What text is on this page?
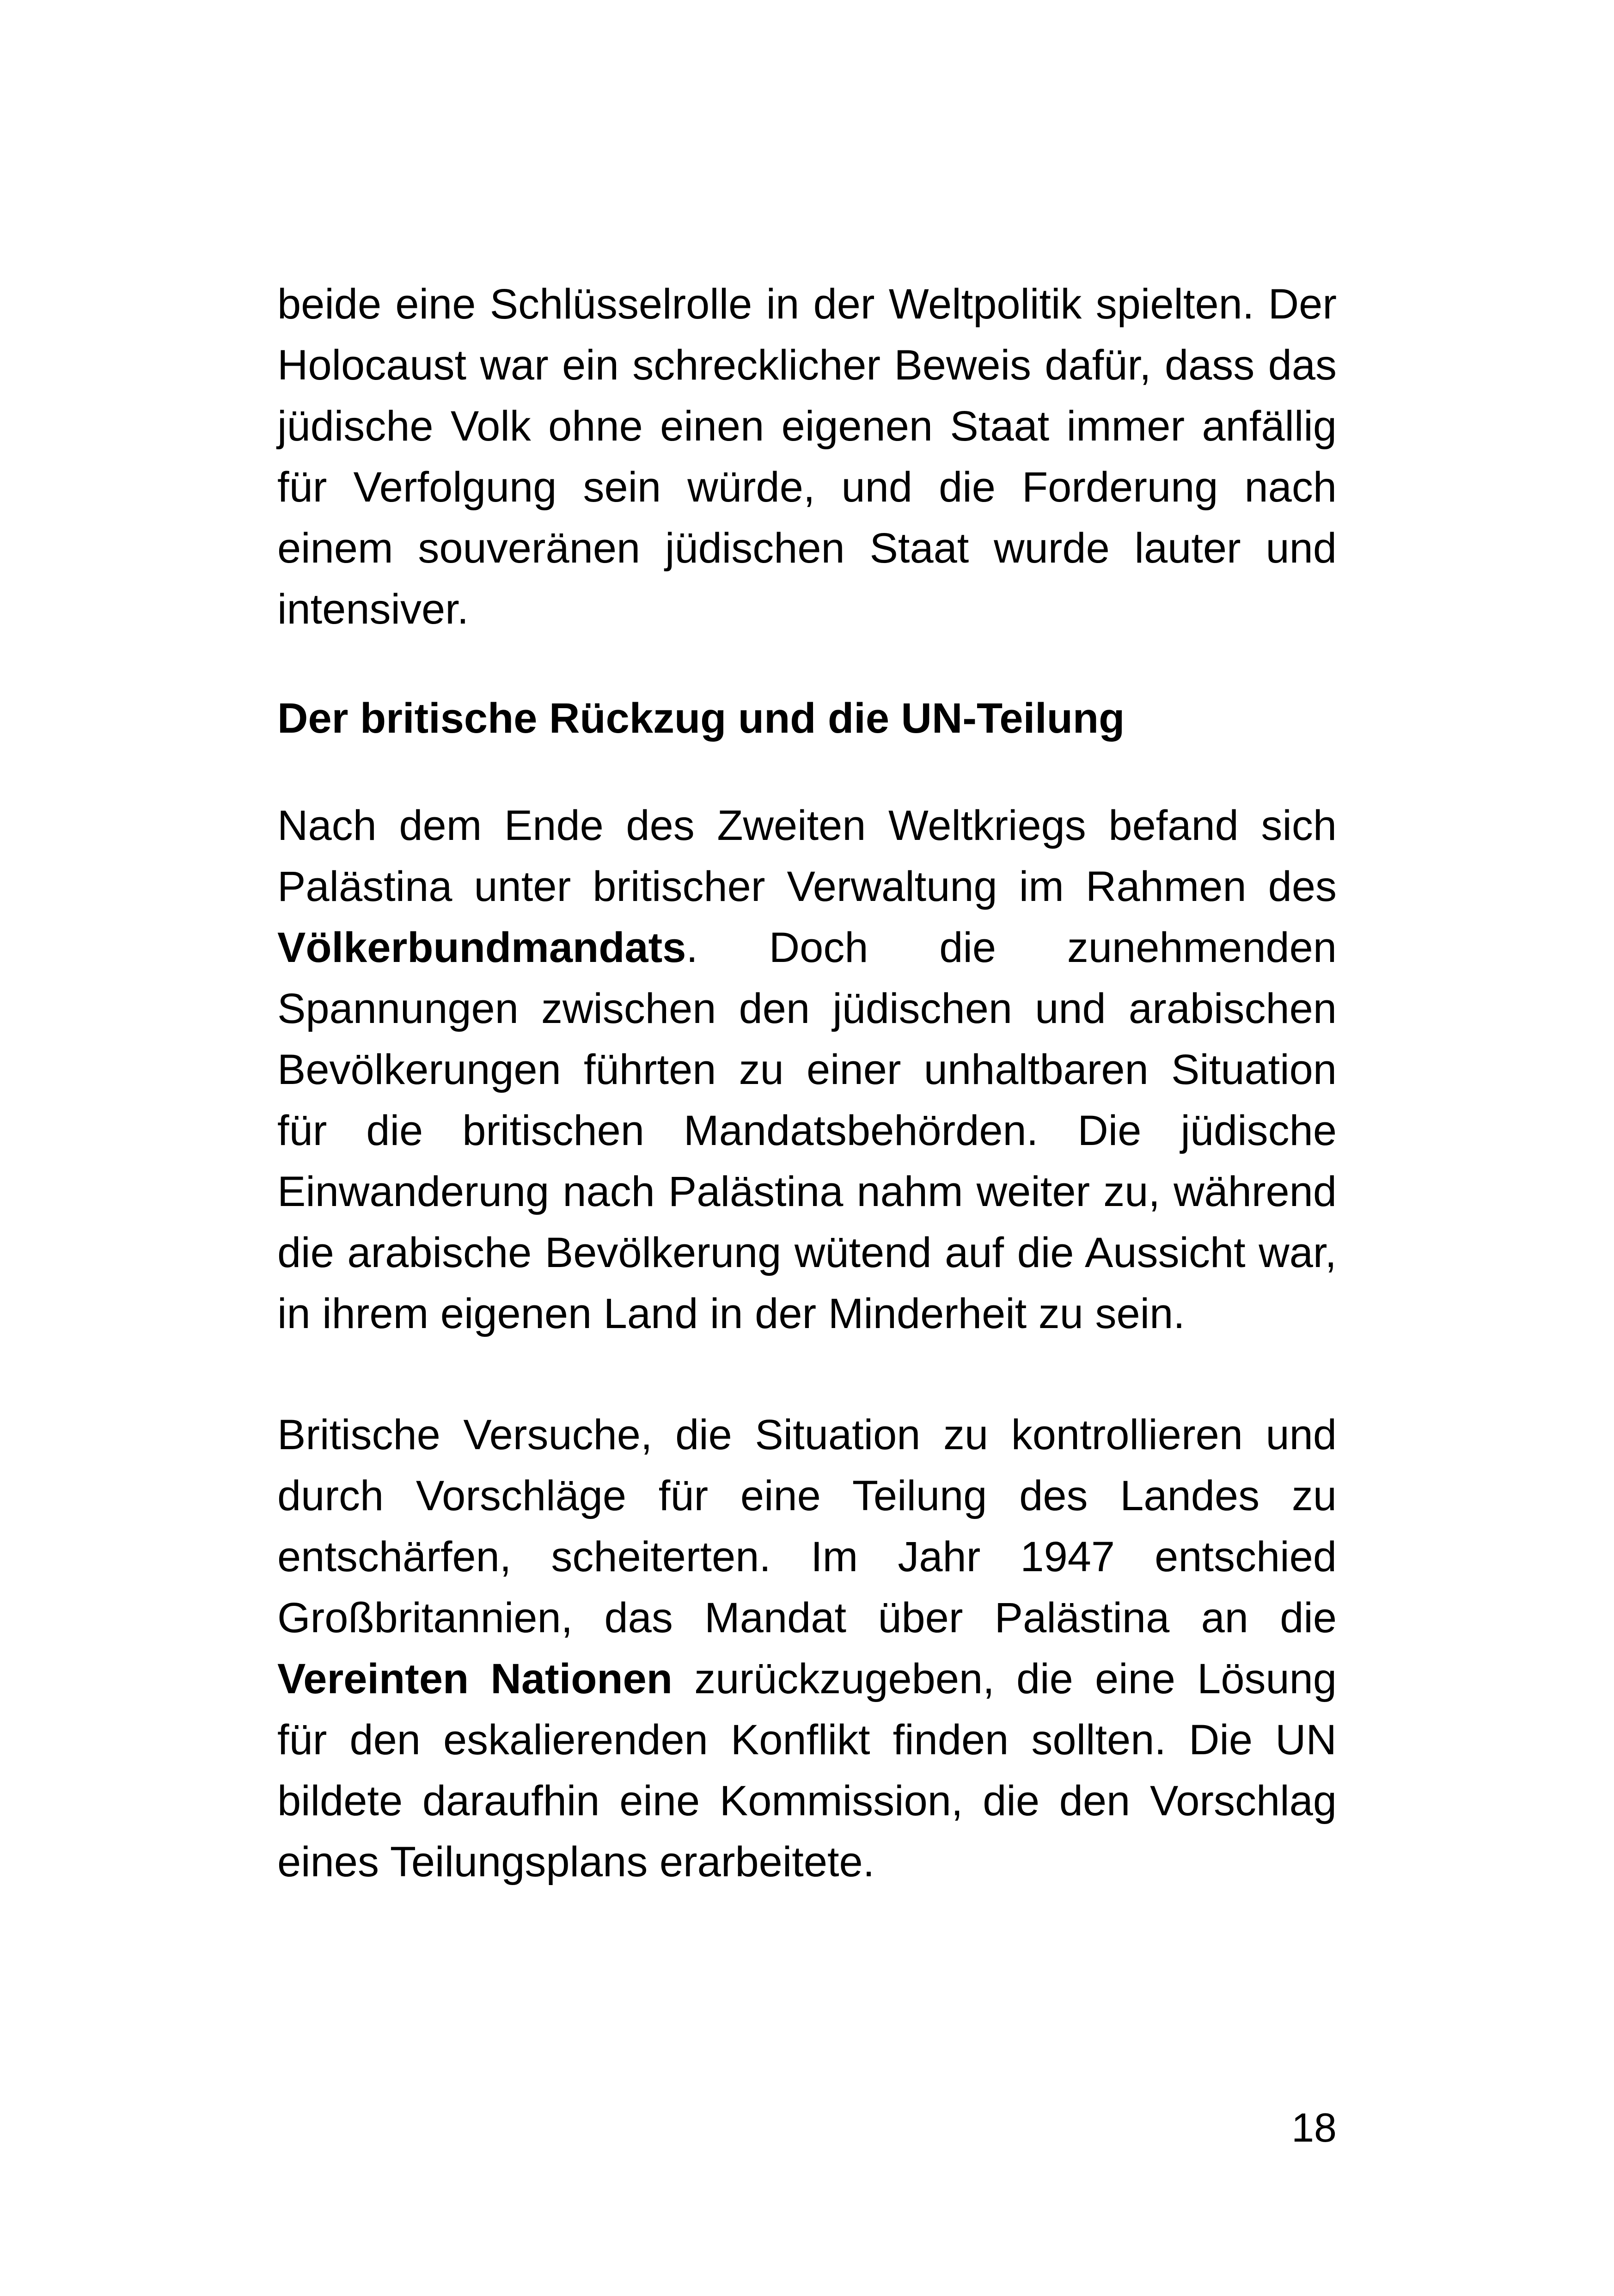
beide eine Schlüsselrolle in der Weltpolitik spielten. Der Holocaust war ein schrecklicher Beweis dafür, dass das jüdische Volk ohne einen eigenen Staat immer anfällig für Verfolgung sein würde, und die Forderung nach einem souveränen jüdischen Staat wurde lauter und intensiver.

Der britische Rückzug und die UN-Teilung

Nach dem Ende des Zweiten Weltkriegs befand sich Palästina unter britischer Verwaltung im Rahmen des Völkerbundmandats. Doch die zunehmenden Spannungen zwischen den jüdischen und arabischen Bevölkerungen führten zu einer unhaltbaren Situation für die britischen Mandatsbehörden. Die jüdische Einwanderung nach Palästina nahm weiter zu, während die arabische Bevölkerung wütend auf die Aussicht war, in ihrem eigenen Land in der Minderheit zu sein.

Britische Versuche, die Situation zu kontrollieren und durch Vorschläge für eine Teilung des Landes zu entschärfen, scheiterten. Im Jahr 1947 entschied Großbritannien, das Mandat über Palästina an die Vereinten Nationen zurückzugeben, die eine Lösung für den eskalierenden Konflikt finden sollten. Die UN bildete daraufhin eine Kommission, die den Vorschlag eines Teilungsplans erarbeitete.

18
